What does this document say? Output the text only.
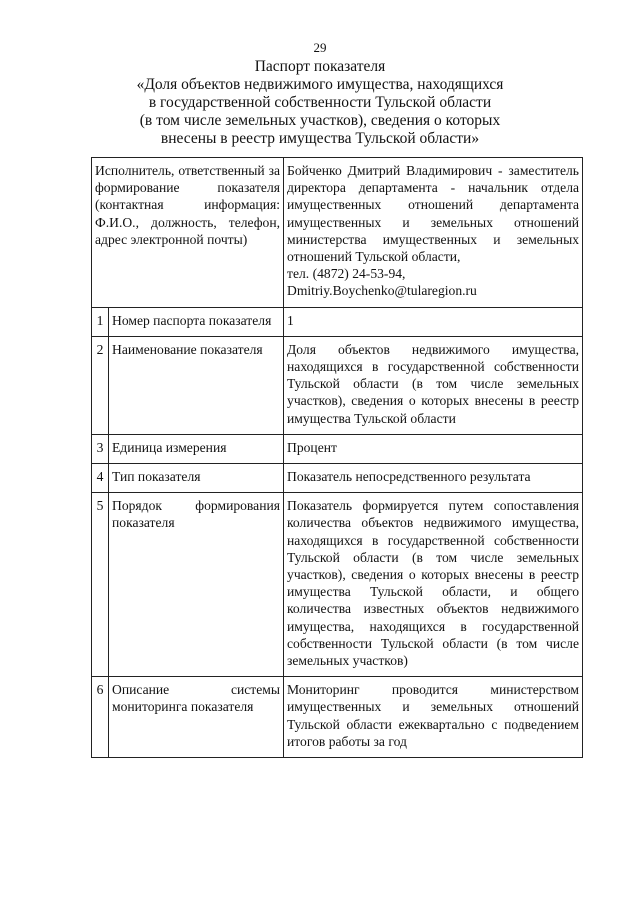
29
Паспорт показателя
«Доля объектов недвижимого имущества, находящихся
в государственной собственности Тульской области
(в том числе земельных участков), сведения о которых
внесены в реестр имущества Тульской области»
Исполнитель, ответственный за формирование показателя (контактная информация: Ф.И.О., должность, телефон, адрес электронной почты)		Бойченко Дмитрий Владимирович - заместитель директора департамента - начальник отдела имущественных отношений департамента имущественных и земельных отношений министерства имущественных и земельных отношений Тульской области,
тел. (4872) 24-53-94,
Dmitriy.Boychenko@tularegion.ru

1	Номер паспорта показателя	1
2	Наименование показателя	Доля объектов недвижимого имущества, находящихся в государственной собственности Тульской области (в том числе земельных участков), сведения о которых внесены в реестр имущества Тульской области
3	Единица измерения	Процент
4	Тип показателя	Показатель непосредственного результата
5	Порядок формирования показателя	Показатель формируется путем сопоставления количества объектов недвижимого имущества, находящихся в государственной собственности Тульской области (в том числе земельных участков), сведения о которых внесены в реестр имущества Тульской области, и общего количества известных объектов недвижимого имущества, находящихся в государственной собственности Тульской области (в том числе земельных участков)
6	Описание системы мониторинга показателя	Мониторинг проводится министерством имущественных и земельных отношений Тульской области ежеквартально с подведением итогов работы за год
